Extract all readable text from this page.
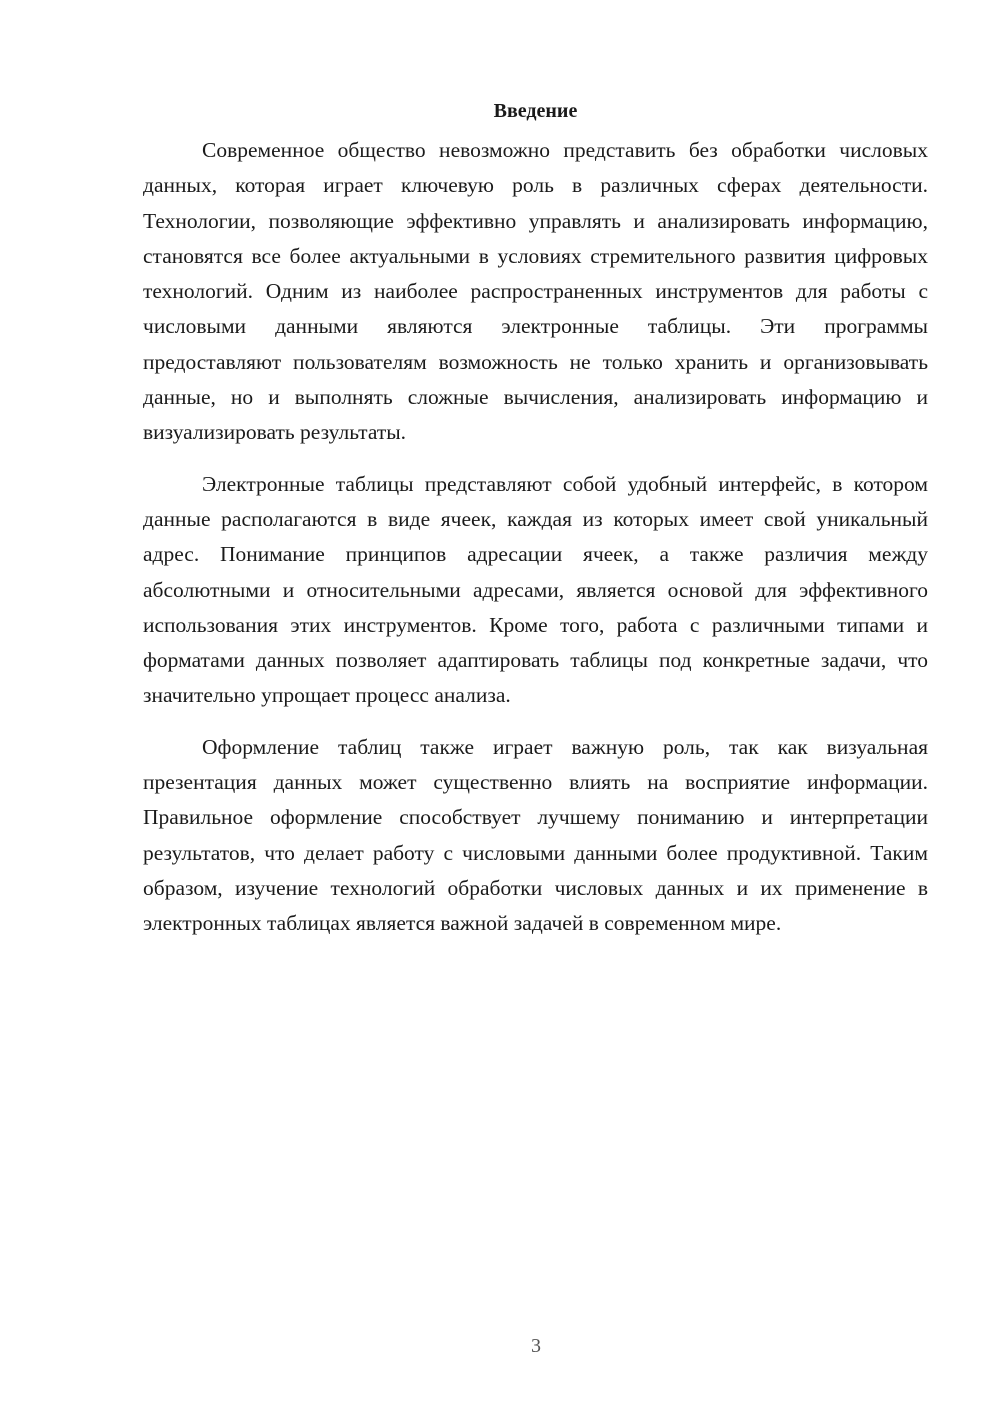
Введение

Современное общество невозможно представить без обработки числовых данных, которая играет ключевую роль в различных сферах деятельности. Технологии, позволяющие эффективно управлять и анализировать информацию, становятся все более актуальными в условиях стремительного развития цифровых технологий. Одним из наиболее распространенных инструментов для работы с числовыми данными являются электронные таблицы. Эти программы предоставляют пользователям возможность не только хранить и организовывать данные, но и выполнять сложные вычисления, анализировать информацию и визуализировать результаты.

Электронные таблицы представляют собой удобный интерфейс, в котором данные располагаются в виде ячеек, каждая из которых имеет свой уникальный адрес. Понимание принципов адресации ячеек, а также различия между абсолютными и относительными адресами, является основой для эффективного использования этих инструментов. Кроме того, работа с различными типами и форматами данных позволяет адаптировать таблицы под конкретные задачи, что значительно упрощает процесс анализа.

Оформление таблиц также играет важную роль, так как визуальная презентация данных может существенно влиять на восприятие информации. Правильное оформление способствует лучшему пониманию и интерпретации результатов, что делает работу с числовыми данными более продуктивной. Таким образом, изучение технологий обработки числовых данных и их применение в электронных таблицах является важной задачей в современном мире.

3
